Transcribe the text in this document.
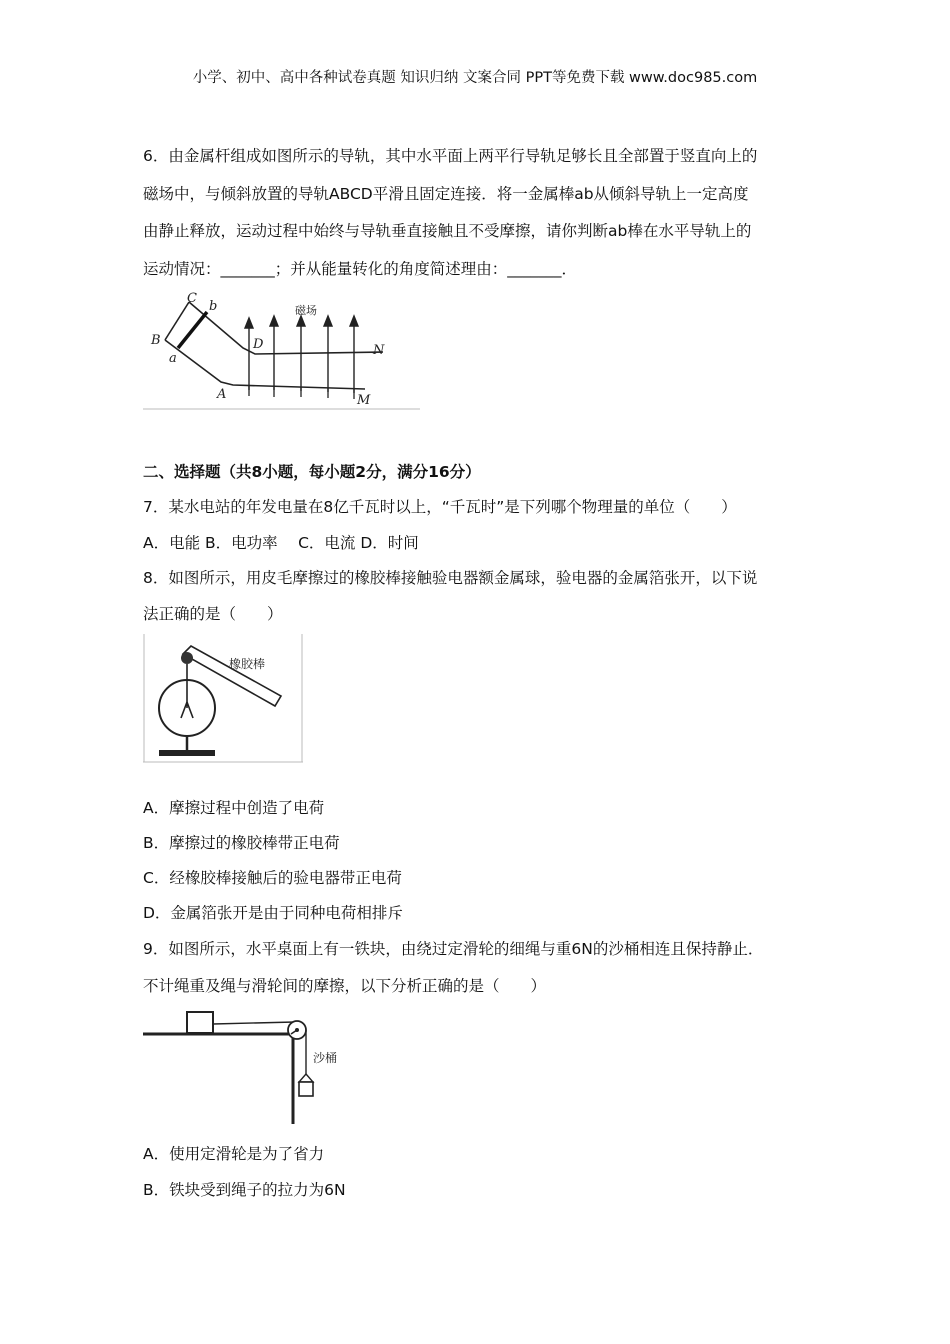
小学、初中、高中各种试卷真题 知识归纳 文案合同 PPT等免费下载 www.doc985.com
6．由金属杆组成如图所示的导轨，其中水平面上两平行导轨足够长且全部置于竖直向上的
磁场中，与倾斜放置的导轨ABCD平滑且固定连接．将一金属棒ab从倾斜导轨上一定高度
由静止释放，运动过程中始终与导轨垂直接触且不受摩擦，请你判断ab棒在水平导轨上的
运动情况：_______；并从能量转化的角度简述理由：_______．
C
b
B
a
D	N
A	M
磁场
二、选择题（共8小题，每小题2分，满分16分）
7．某水电站的年发电量在8亿千瓦时以上，“千瓦时”是下列哪个物理量的单位（　　）
A．电能 B．电功率　 C．电流 D．时间
8．如图所示，用皮毛摩擦过的橡胶棒接触验电器额金属球，验电器的金属箔张开，以下说
法正确的是（　　）
橡胶棒
A．摩擦过程中创造了电荷
B．摩擦过的橡胶棒带正电荷
C．经橡胶棒接触后的验电器带正电荷
D．金属箔张开是由于同种电荷相排斥
9．如图所示，水平桌面上有一铁块，由绕过定滑轮的细绳与重6N的沙桶相连且保持静止．
不计绳重及绳与滑轮间的摩擦，以下分析正确的是（　　）
沙桶
A．使用定滑轮是为了省力
B．铁块受到绳子的拉力为6N
